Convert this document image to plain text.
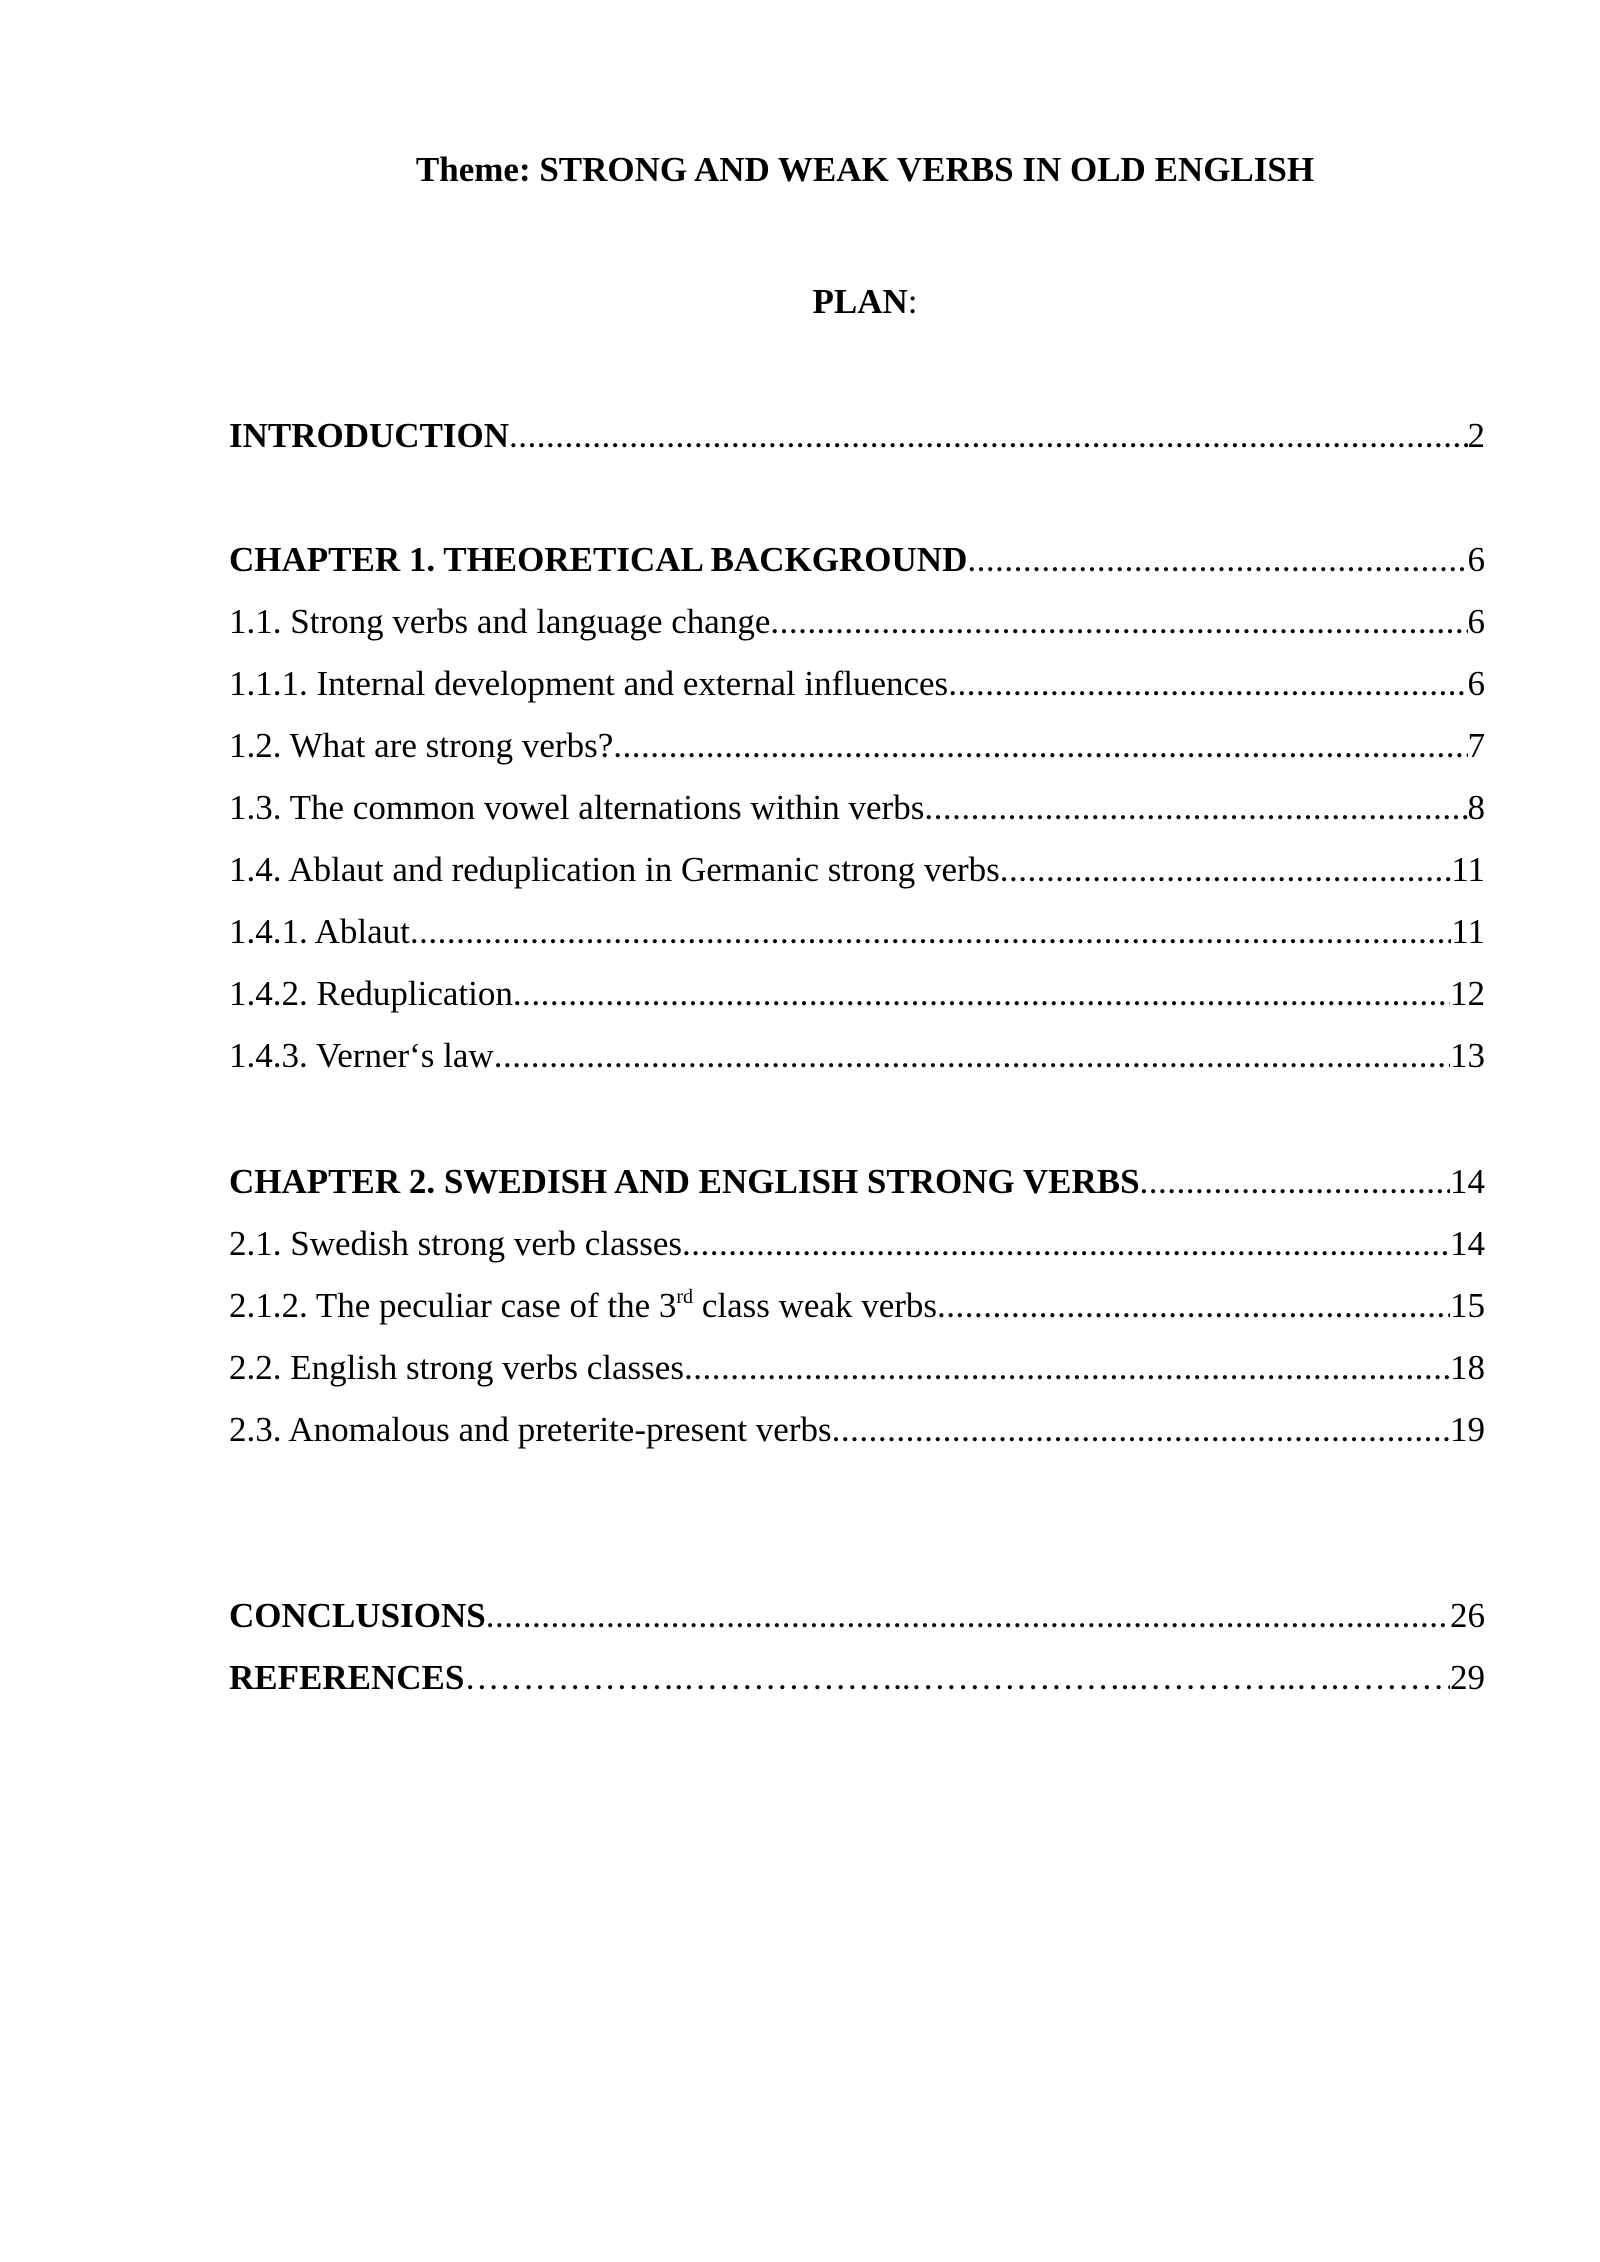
Theme: STRONG AND WEAK VERBS IN OLD ENGLISH
PLAN:
INTRODUCTION .....	2
CHAPTER 1. THEORETICAL BACKGROUND .....	6
1.1. Strong verbs and language change .....	6
1.1.1. Internal development and external influences .....	6
1.2. What are strong verbs? .....	7
1.3. The common vowel alternations within verbs .....	8
1.4. Ablaut and reduplication in Germanic strong verbs .....	11
1.4.1. Ablaut .....	11
1.4.2. Reduplication .....	12
1.4.3. Verner‘s law .....	13
CHAPTER 2. SWEDISH AND ENGLISH STRONG VERBS .....	14
2.1. Swedish strong verb classes .....	14
2.1.2. The peculiar case of the 3rd class weak verbs .....	15
2.2. English strong verbs classes .....	18
2.3. Anomalous and preterite-present verbs .....	19
CONCLUSIONS .....	26
REFERENCES ……………….………………..………………..…………..….…………..………………..……………….………………..	29
